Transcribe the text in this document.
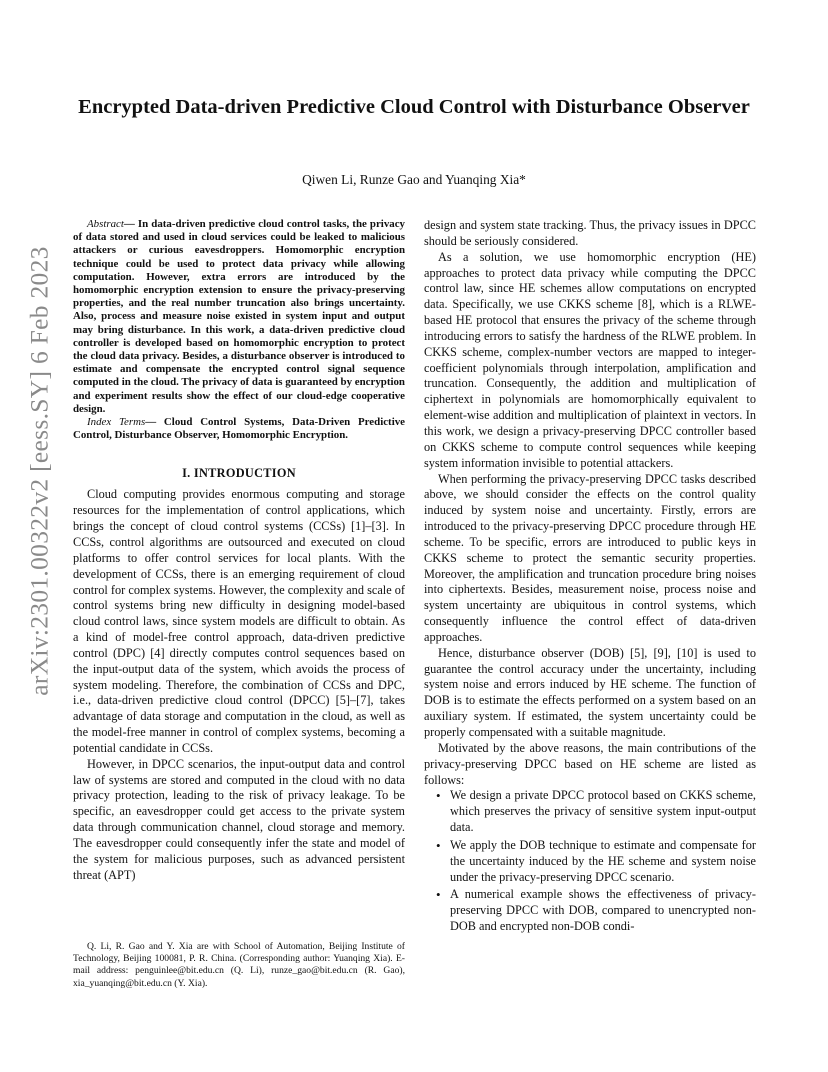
arXiv:2301.00322v2 [eess.SY] 6 Feb 2023
Encrypted Data-driven Predictive Cloud Control with Disturbance Observer

Qiwen Li, Runze Gao and Yuanqing Xia*

Abstract— In data-driven predictive cloud control tasks, the privacy of data stored and used in cloud services could be leaked to malicious attackers or curious eavesdroppers. Homomorphic encryption technique could be used to protect data privacy while allowing computation. However, extra errors are introduced by the homomorphic encryption extension to ensure the privacy-preserving properties, and the real number truncation also brings uncertainty. Also, process and measure noise existed in system input and output may bring disturbance. In this work, a data-driven predictive cloud controller is developed based on homomorphic encryption to protect the cloud data privacy. Besides, a disturbance observer is introduced to estimate and compensate the encrypted control signal sequence computed in the cloud. The privacy of data is guaranteed by encryption and experiment results show the effect of our cloud-edge cooperative design.

Index Terms— Cloud Control Systems, Data-Driven Predictive Control, Disturbance Observer, Homomorphic Encryption.

I. INTRODUCTION

Cloud computing provides enormous computing and storage resources for the implementation of control applications, which brings the concept of cloud control systems (CCSs) [1]–[3]. In CCSs, control algorithms are outsourced and executed on cloud platforms to offer control services for local plants. With the development of CCSs, there is an emerging requirement of cloud control for complex systems. However, the complexity and scale of control systems bring new difficulty in designing model-based cloud control laws, since system models are difficult to obtain. As a kind of model-free control approach, data-driven predictive control (DPC) [4] directly computes control sequences based on the input-output data of the system, which avoids the process of system modeling. Therefore, the combination of CCSs and DPC, i.e., data-driven predictive cloud control (DPCC) [5]–[7], takes advantage of data storage and computation in the cloud, as well as the model-free manner in control of complex systems, becoming a potential candidate in CCSs.

However, in DPCC scenarios, the input-output data and control law of systems are stored and computed in the cloud with no data privacy protection, leading to the risk of privacy leakage. To be specific, an eavesdropper could get access to the private system data through communication channel, cloud storage and memory. The eavesdropper could consequently infer the state and model of the system for malicious purposes, such as advanced persistent threat (APT)

Q. Li, R. Gao and Y. Xia are with School of Automation, Beijing Institute of Technology, Beijing 100081, P. R. China. (Corresponding author: Yuanqing Xia). E-mail address: penguinlee@bit.edu.cn (Q. Li), runze_gao@bit.edu.cn (R. Gao), xia_yuanqing@bit.edu.cn (Y. Xia).

design and system state tracking. Thus, the privacy issues in DPCC should be seriously considered.

As a solution, we use homomorphic encryption (HE) approaches to protect data privacy while computing the DPCC control law, since HE schemes allow computations on encrypted data. Specifically, we use CKKS scheme [8], which is a RLWE-based HE protocol that ensures the privacy of the scheme through introducing errors to satisfy the hardness of the RLWE problem. In CKKS scheme, complex-number vectors are mapped to integer-coefficient polynomials through interpolation, amplification and truncation. Consequently, the addition and multiplication of ciphertext in polynomials are homomorphically equivalent to element-wise addition and multiplication of plaintext in vectors. In this work, we design a privacy-preserving DPCC controller based on CKKS scheme to compute control sequences while keeping system information invisible to potential attackers.

When performing the privacy-preserving DPCC tasks described above, we should consider the effects on the control quality induced by system noise and uncertainty. Firstly, errors are introduced to the privacy-preserving DPCC procedure through HE scheme. To be specific, errors are introduced to public keys in CKKS scheme to protect the semantic security properties. Moreover, the amplification and truncation procedure bring noises into ciphertexts. Besides, measurement noise, process noise and system uncertainty are ubiquitous in control systems, which consequently influence the control effect of data-driven approaches.

Hence, disturbance observer (DOB) [5], [9], [10] is used to guarantee the control accuracy under the uncertainty, including system noise and errors induced by HE scheme. The function of DOB is to estimate the effects performed on a system based on an auxiliary system. If estimated, the system uncertainty could be properly compensated with a suitable magnitude.

Motivated by the above reasons, the main contributions of the privacy-preserving DPCC based on HE scheme are listed as follows:

• We design a private DPCC protocol based on CKKS scheme, which preserves the privacy of sensitive system input-output data.
• We apply the DOB technique to estimate and compensate for the uncertainty induced by the HE scheme and system noise under the privacy-preserving DPCC scenario.
• A numerical example shows the effectiveness of privacy-preserving DPCC with DOB, compared to unencrypted non-DOB and encrypted non-DOB condi-
